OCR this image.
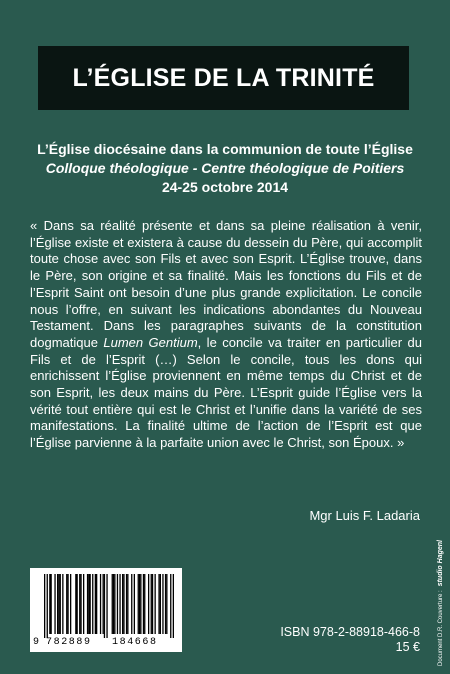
L’ÉGLISE DE LA TRINITÉ
L’Église diocésaine dans la communion de toute l’Église
Colloque théologique - Centre théologique de Poitiers
24-25 octobre 2014

« Dans sa réalité présente et dans sa pleine réalisation à venir, l’Église existe et existera à cause du dessein du Père, qui accomplit toute chose avec son Fils et avec son Esprit. L’Église trouve, dans le Père, son origine et sa finalité. Mais les fonctions du Fils et de l’Esprit Saint ont besoin d’une plus grande explicitation. Le concile nous l’offre, en suivant les indications abondantes du Nouveau Testament. Dans les paragraphes suivants de la constitution dogmatique Lumen Gentium, le concile va traiter en particulier du Fils et de l’Esprit (…) Selon le concile, tous les dons qui enrichissent l’Église proviennent en même temps du Christ et de son Esprit, les deux mains du Père. L’Esprit guide l’Église vers la vérité tout entière qui est le Christ et l’unifie dans la variété de ses manifestations. La finalité ultime de l’action de l’Esprit est que l’Église parvienne à la parfaite union avec le Christ, son Époux. »

Mgr Luis F. Ladaria
9 782889 184668
ISBN 978-2-88918-466-8
15 €	Document D.R. Couverture :
studio Hagenl
